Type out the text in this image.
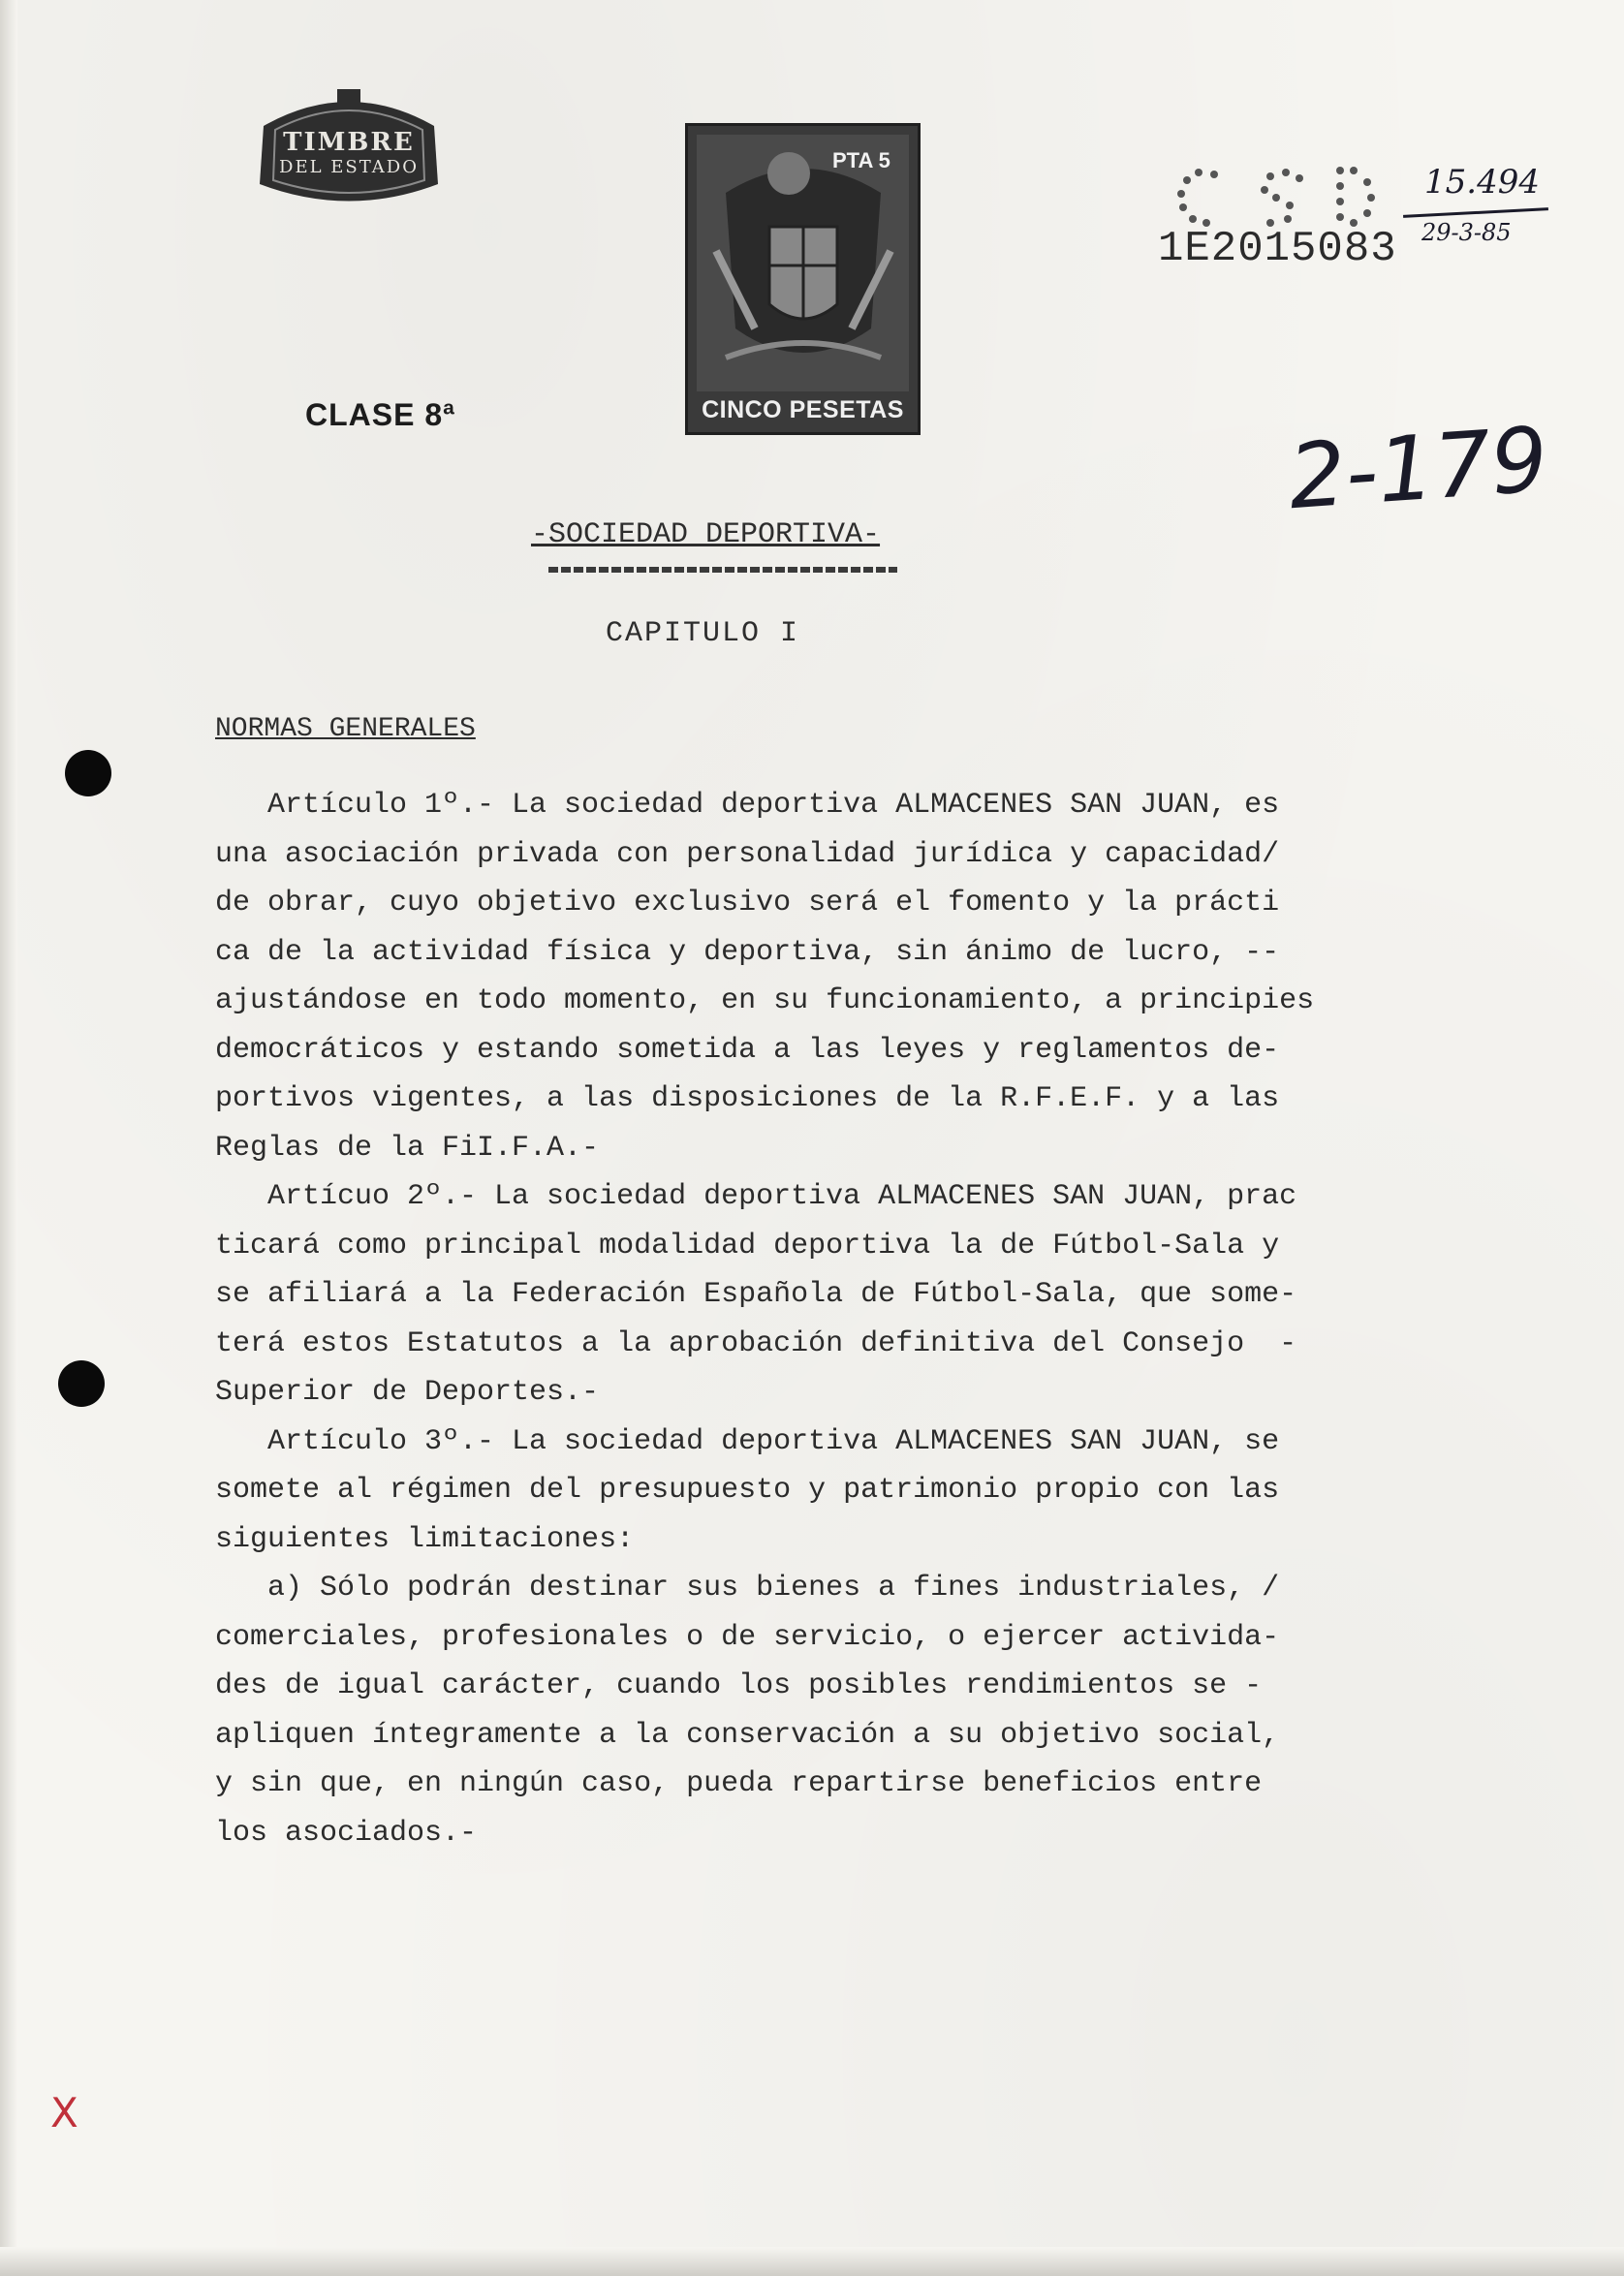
TIMBRE
DEL ESTADO
CLASE 8ª
PTA 5
CINCO PESETAS
1E2015083
15.494
29-3-85
2-179
-SOCIEDAD DEPORTIVA-
CAPITULO I
NORMAS GENERALES
Artículo 1º.- La sociedad deportiva ALMACENES SAN JUAN, es
una asociación privada con personalidad jurídica y capacidad/
de obrar, cuyo objetivo exclusivo será el fomento y la prácti
ca de la actividad física y deportiva, sin ánimo de lucro, --
ajustándose en todo momento, en su funcionamiento, a principies
democráticos y estando sometida a las leyes y reglamentos de-
portivos vigentes, a las disposiciones de la R.F.E.F. y a las
Reglas de la FiI.F.A.-
Artícuo 2º.- La sociedad deportiva ALMACENES SAN JUAN, prac
ticará como principal modalidad deportiva la de Fútbol-Sala y
se afiliará a la Federación Española de Fútbol-Sala, que some-
terá estos Estatutos a la aprobación definitiva del Consejo  -
Superior de Deportes.-
Artículo 3º.- La sociedad deportiva ALMACENES SAN JUAN, se
somete al régimen del presupuesto y patrimonio propio con las
siguientes limitaciones:
a) Sólo podrán destinar sus bienes a fines industriales, /
comerciales, profesionales o de servicio, o ejercer activida-
des de igual carácter, cuando los posibles rendimientos se -
apliquen íntegramente a la conservación a su objetivo social,
y sin que, en ningún caso, pueda repartirse beneficios entre
los asociados.-
X
